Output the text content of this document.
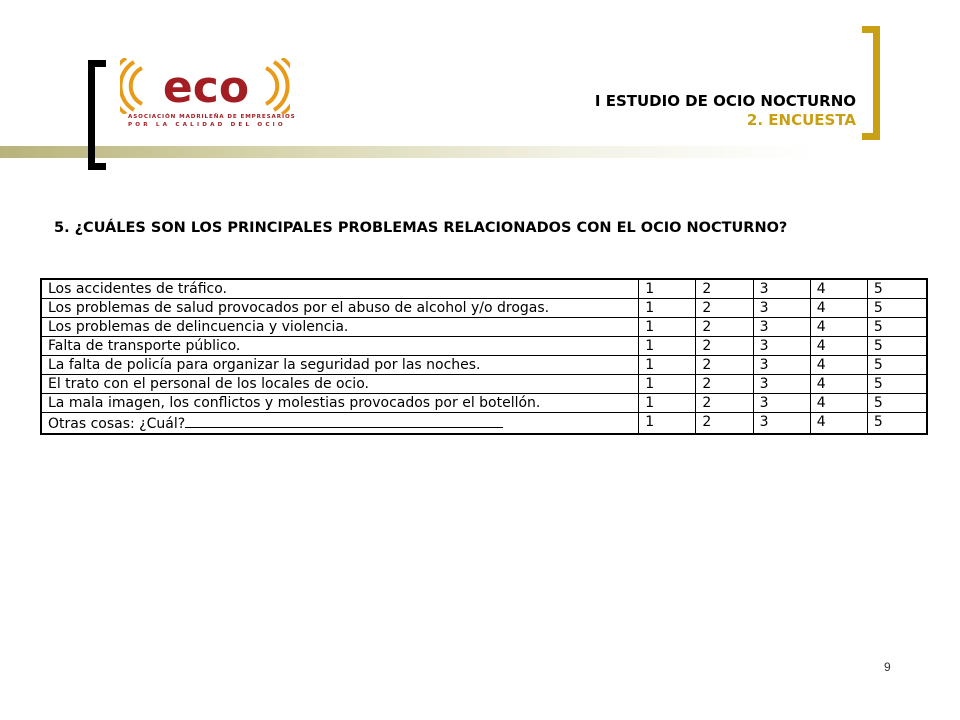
eco
ASOCIACIÓN MADRILEÑA DE EMPRESARIOS
POR LA CALIDAD DEL OCIO
I ESTUDIO DE OCIO NOCTURNO
2. ENCUESTA
5. ¿CUÁLES SON LOS PRINCIPALES PROBLEMAS RELACIONADOS CON EL OCIO NOCTURNO?
Los accidentes de tráfico.	1	2	3	4	5
Los problemas de salud provocados por el abuso de alcohol y/o drogas.	1	2	3	4	5
Los problemas de delincuencia y violencia.	1	2	3	4	5
Falta de transporte público.	1	2	3	4	5
La falta de policía para organizar la seguridad por las noches.	1	2	3	4	5
El trato con el personal de los locales de ocio.	1	2	3	4	5
La mala imagen, los conflictos y molestias provocados por el botellón.	1	2	3	4	5
Otras cosas: ¿Cuál?	1	2	3	4	5
9
